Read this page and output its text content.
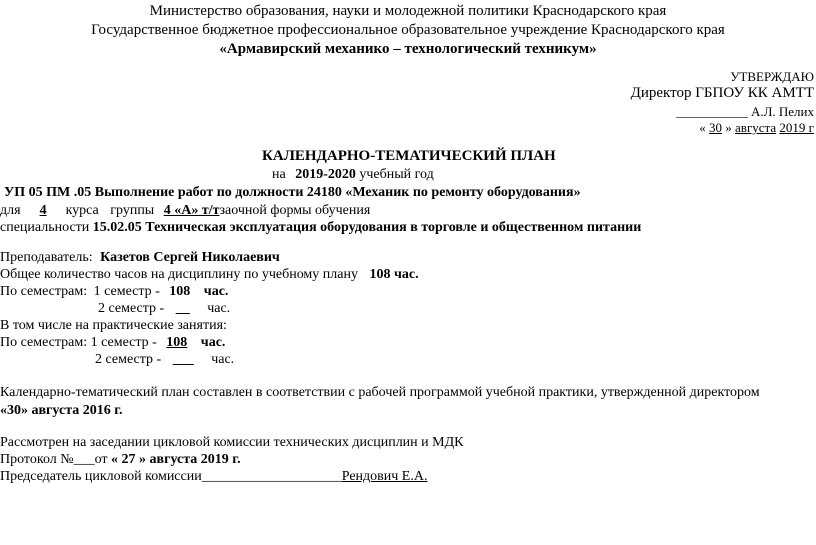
Министерство образования, науки и молодежной политики Краснодарского края
Государственное бюджетное профессиональное образовательное учреждение Краснодарского края
«Армавирский механико – технологический техникум»
УТВЕРЖДАЮ
Директор ГБПОУ КК АМТТ
___________ А.Л. Пелих
« 30 » августа 2019 г
КАЛЕНДАРНО-ТЕМАТИЧЕСКИЙ ПЛАН
на 2019-2020 учебный год
УП 05 ПМ .05 Выполнение работ по должности 24180 «Механик по ремонту оборудования»
для 4 курса группы 4 «А» т/тзаочной формы обучения
специальности 15.02.05 Техническая эксплуатация оборудования в торговле и общественном питании
Преподаватель: Казетов Сергей Николаевич
Общее количество часов на дисциплину по учебному плану 108 час.
По семестрам: 1 семестр - 108 час.
2 семестр - __ час.
В том числе на практические занятия:
По семестрам: 1 семестр - 108 час.
2 семестр - ___ час.
Календарно-тематический план составлен в соответствии с рабочей программой учебной практики, утвержденной директором
«30» августа 2016 г.
Рассмотрен на заседании цикловой комиссии технических дисциплин и МДК
Протокол №___от « 27 » августа 2019 г.
Председатель цикловой комиссии____________________Рендович Е.А.
